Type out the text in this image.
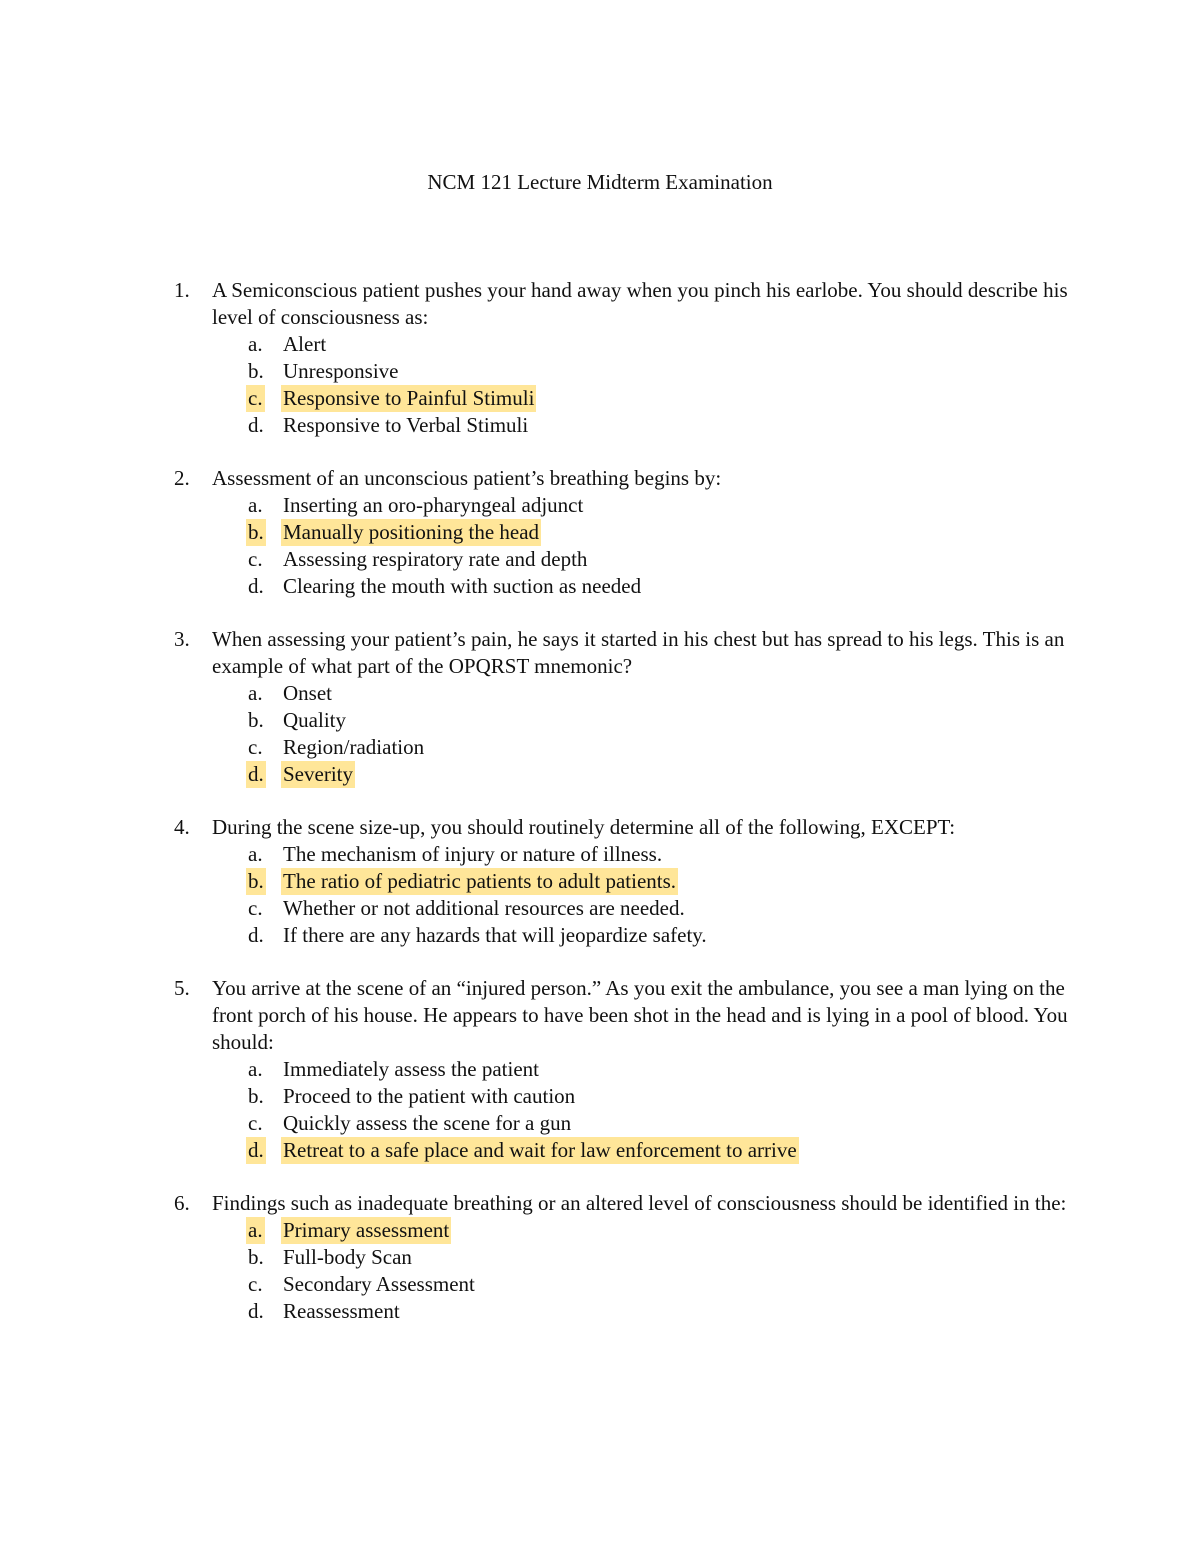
NCM 121 Lecture Midterm Examination
1. A Semiconscious patient pushes your hand away when you pinch his earlobe. You should describe his level of consciousness as:
a. Alert
b. Unresponsive
c. Responsive to Painful Stimuli
d. Responsive to Verbal Stimuli
2. Assessment of an unconscious patient’s breathing begins by:
a. Inserting an oro-pharyngeal adjunct
b. Manually positioning the head
c. Assessing respiratory rate and depth
d. Clearing the mouth with suction as needed
3. When assessing your patient’s pain, he says it started in his chest but has spread to his legs. This is an example of what part of the OPQRST mnemonic?
a. Onset
b. Quality
c. Region/radiation
d. Severity
4. During the scene size-up, you should routinely determine all of the following, EXCEPT:
a. The mechanism of injury or nature of illness.
b. The ratio of pediatric patients to adult patients.
c. Whether or not additional resources are needed.
d. If there are any hazards that will jeopardize safety.
5. You arrive at the scene of an “injured person.” As you exit the ambulance, you see a man lying on the front porch of his house. He appears to have been shot in the head and is lying in a pool of blood. You should:
a. Immediately assess the patient
b. Proceed to the patient with caution
c. Quickly assess the scene for a gun
d. Retreat to a safe place and wait for law enforcement to arrive
6. Findings such as inadequate breathing or an altered level of consciousness should be identified in the:
a. Primary assessment
b. Full-body Scan
c. Secondary Assessment
d. Reassessment
